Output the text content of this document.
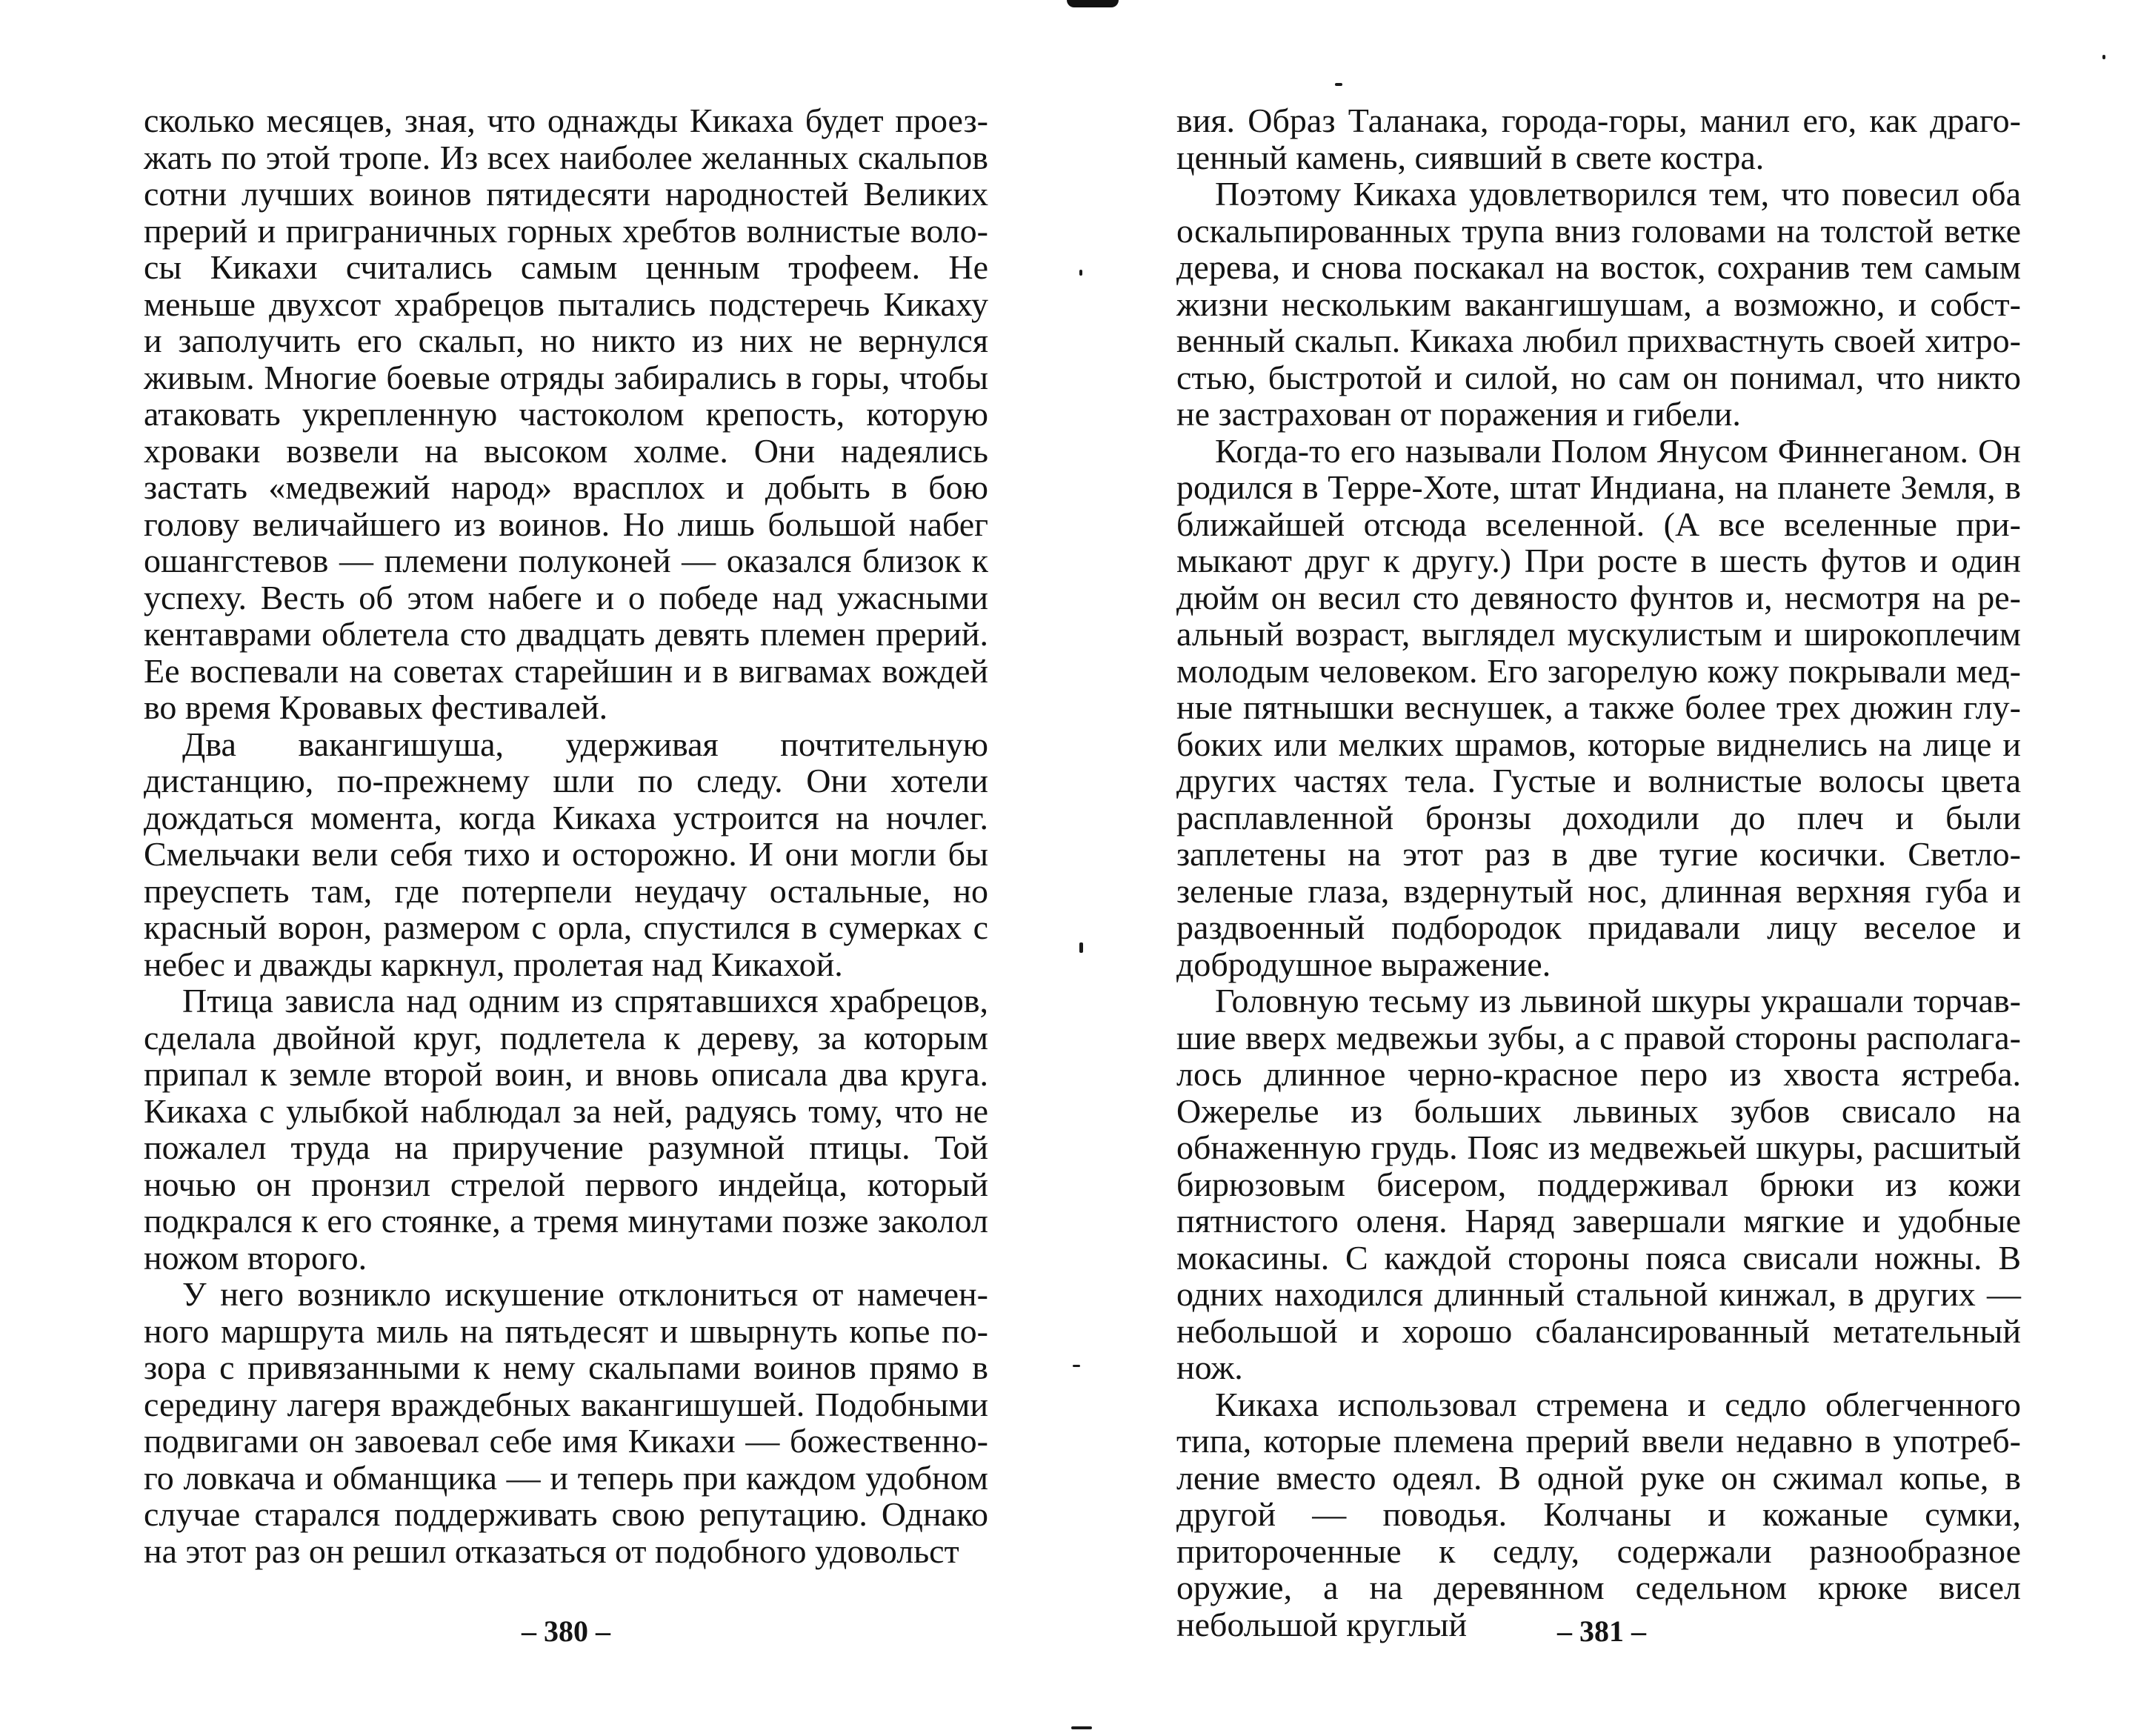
сколько месяцев, зная, что однажды Кикаха будет проезжать по этой тропе. Из всех наиболее желанных скальпов сотни лучших воинов пятидесяти народностей Великих прерий и приграничных горных хребтов волнистые волосы Кикахи считались самым ценным трофеем. Не меньше двухсот храбрецов пытались подстеречь Кикаху и заполучить его скальп, но никто из них не вернулся живым. Многие боевые отряды забирались в горы, чтобы атаковать укрепленную частоколом крепость, которую хроваки возвели на высоком холме. Они надеялись застать «медвежий народ» врасплох и добыть в бою голову величайшего из воинов. Но лишь большой набег ошангстевов — племени полуконей — оказался близок к успеху. Весть об этом набеге и о победе над ужасными кентаврами облетела сто двадцать девять племен прерий. Ее воспевали на советах старейшин и в вигвамах вождей во время Кровавых фестивалей.

Два вакангишуша, удерживая почтительную дистанцию, по-прежнему шли по следу. Они хотели дождаться момента, когда Кикаха устроится на ночлег. Смельчаки вели себя тихо и осторожно. И они могли бы преуспеть там, где потерпели неудачу остальные, но красный ворон, размером с орла, спустился в сумерках с небес и дважды каркнул, пролетая над Кикахой.

Птица зависла над одним из спрятавшихся храбрецов, сделала двойной круг, подлетела к дереву, за которым припал к земле второй воин, и вновь описала два круга. Кикаха с улыбкой наблюдал за ней, радуясь тому, что не пожалел труда на приручение разумной птицы. Той ночью он пронзил стрелой первого индейца, который подкрался к его стоянке, а тремя минутами позже заколол ножом второго.

У него возникло искушение отклониться от намеченного маршрута миль на пятьдесят и швырнуть копье позора с привязанными к нему скальпами воинов прямо в середину лагеря враждебных вакангишушей. Подобными подвигами он завоевал себе имя Кикахи — божественного ловкача и обманщика — и теперь при каждом удобном случае старался поддерживать свою репутацию. Однако на этот раз он решил отказаться от подобного удовольст

вия. Образ Таланака, города-горы, манил его, как драгоценный камень, сиявший в свете костра.

Поэтому Кикаха удовлетворился тем, что повесил оба оскальпированных трупа вниз головами на толстой ветке дерева, и снова поскакал на восток, сохранив тем самым жизни нескольким вакангишушам, а возможно, и собственный скальп. Кикаха любил прихвастнуть своей хитростью, быстротой и силой, но сам он понимал, что никто не застрахован от поражения и гибели.

Когда-то его называли Полом Янусом Финнеганом. Он родился в Терре-Хоте, штат Индиана, на планете Земля, в ближайшей отсюда вселенной. (А все вселенные примыкают друг к другу.) При росте в шесть футов и один дюйм он весил сто девяносто фунтов и, несмотря на реальный возраст, выглядел мускулистым и широкоплечим молодым человеком. Его загорелую кожу покрывали медные пятнышки веснушек, а также более трех дюжин глубоких или мелких шрамов, которые виднелись на лице и других частях тела. Густые и волнистые волосы цвета расплавленной бронзы доходили до плеч и были заплетены на этот раз в две тугие косички. Светло-зеленые глаза, вздернутый нос, длинная верхняя губа и раздвоенный подбородок придавали лицу веселое и добродушное выражение.

Головную тесьму из львиной шкуры украшали торчавшие вверх медвежьи зубы, а с правой стороны располагалось длинное черно-красное перо из хвоста ястреба. Ожерелье из больших львиных зубов свисало на обнаженную грудь. Пояс из медвежьей шкуры, расшитый бирюзовым бисером, поддерживал брюки из кожи пятнистого оленя. Наряд завершали мягкие и удобные мокасины. С каждой стороны пояса свисали ножны. В одних находился длинный стальной кинжал, в других — небольшой и хорошо сбалансированный метательный нож.

Кикаха использовал стремена и седло облегченного типа, которые племена прерий ввели недавно в употребление вместо одеял. В одной руке он сжимал копье, в другой — поводья. Колчаны и кожаные сумки, притороченные к седлу, содержали разнообразное оружие, а на деревянном седельном крюке висел небольшой круглый

– 380 –	– 381 –
